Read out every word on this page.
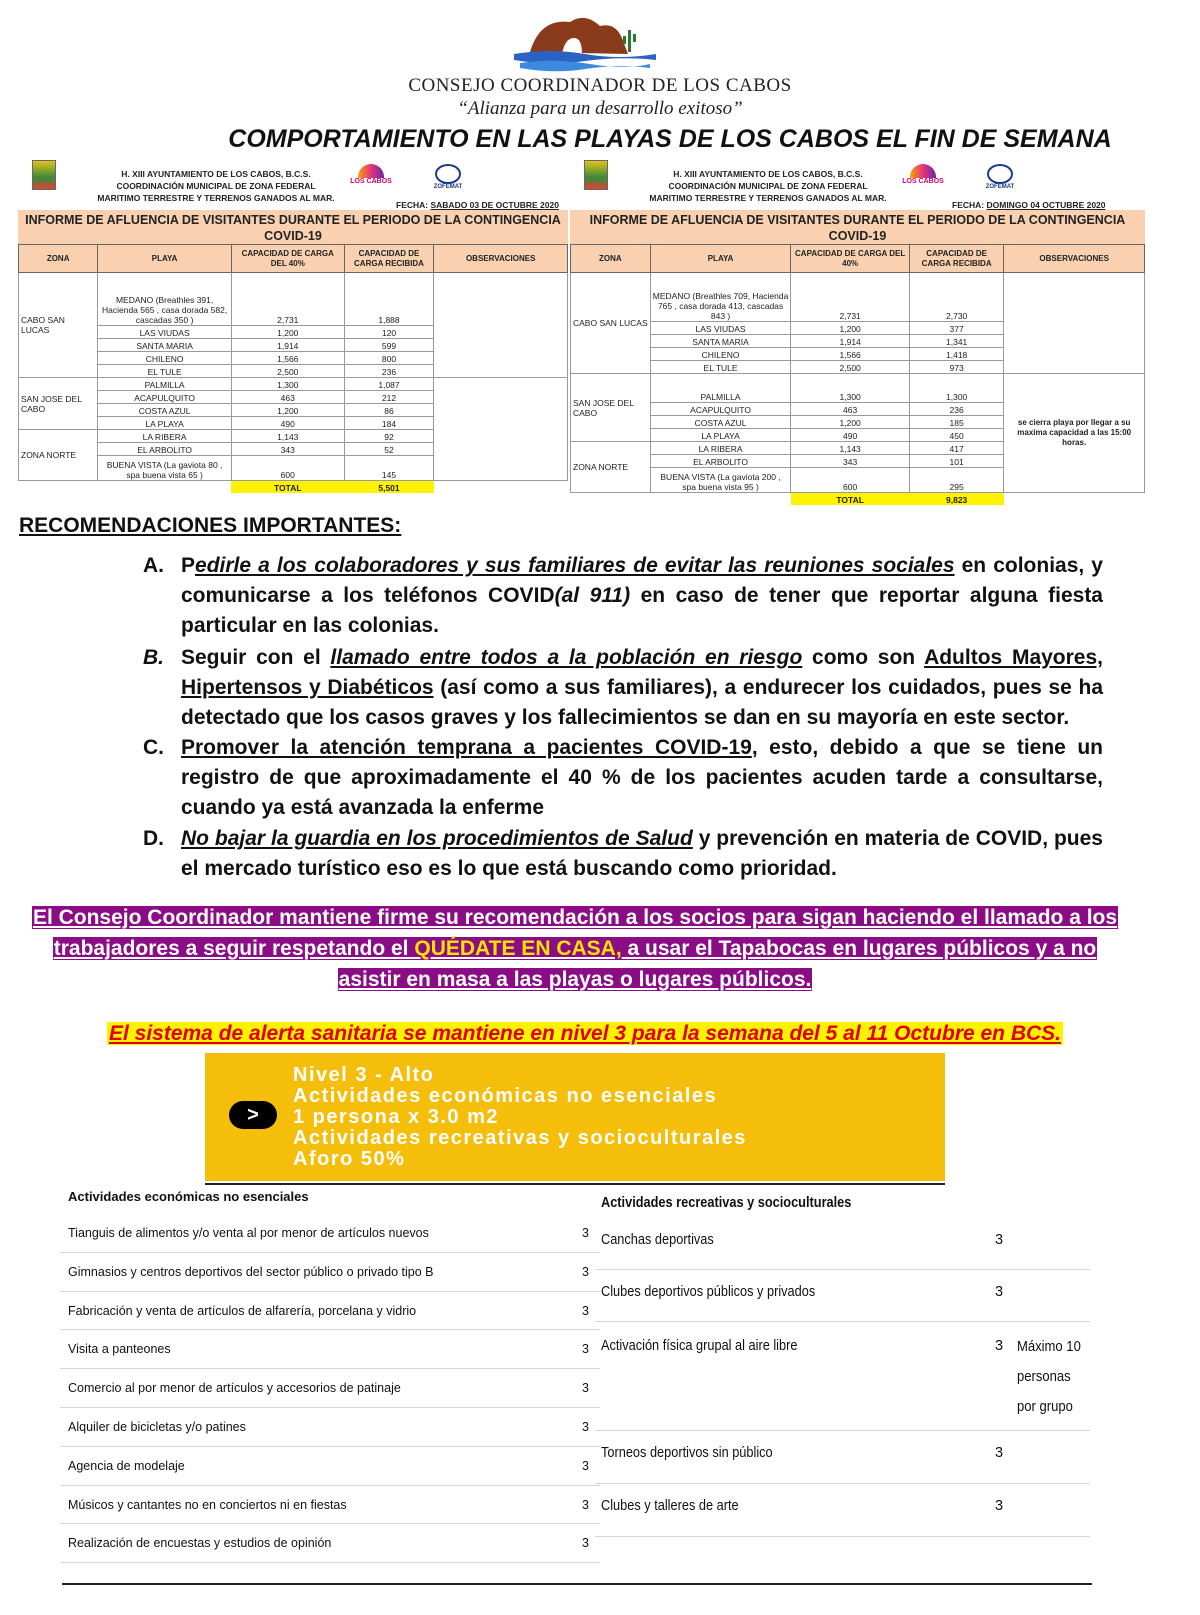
CONSEJO COORDINADOR DE LOS CABOS
“Alianza para un desarrollo exitoso”
COMPORTAMIENTO EN LAS PLAYAS DE LOS CABOS EL FIN DE SEMANA
H. XIII AYUNTAMIENTO DE LOS CABOS, B.C.S. COORDINACIÓN MUNICIPAL DE ZONA FEDERAL MARITIMO TERRESTRE Y TERRENOS GANADOS AL MAR.
LOS CABOS
ZOFEMAT
FECHA: SABADO 03 DE OCTUBRE 2020
INFORME DE AFLUENCIA DE VISITANTES DURANTE EL PERIODO DE LA CONTINGENCIA COVID-19
ZONA	PLAYA	CAPACIDAD DE CARGA DEL 40%	CAPACIDAD DE CARGA RECIBIDA	OBSERVACIONES
CABO SAN LUCAS	MEDANO (Breathles 391, Hacienda 565 , casa dorada 582, cascadas 350 )	2,731	1,888	
	LAS VIUDAS	1,200	120	
	SANTA MARIA	1,914	599	
	CHILENO	1,566	800	
	EL TULE	2,500	236	
SAN JOSE DEL CABO	PALMILLA	1,300	1,087	
	ACAPULQUITO	463	212	
	COSTA AZUL	1,200	86	
	LA PLAYA	490	184	
ZONA NORTE	LA RIBERA	1,143	92	
	EL ARBOLITO	343	52	
	BUENA VISTA (La gaviota 80 , spa buena vista 65 )	600	145	
		TOTAL	5,501	
H. XIII AYUNTAMIENTO DE LOS CABOS, B.C.S. COORDINACIÓN MUNICIPAL DE ZONA FEDERAL MARITIMO TERRESTRE Y TERRENOS GANADOS AL MAR.
LOS CABOS
ZOFEMAT
FECHA: DOMINGO 04 OCTUBRE 2020
INFORME DE AFLUENCIA DE VISITANTES DURANTE EL PERIODO DE LA CONTINGENCIA COVID-19
ZONA	PLAYA	CAPACIDAD DE CARGA DEL 40%	CAPACIDAD DE CARGA RECIBIDA	OBSERVACIONES
CABO SAN LUCAS	MEDANO (Breathles 709, Hacienda 765 , casa dorada 413, cascadas 843 )	2,731	2,730	
	LAS VIUDAS	1,200	377	
	SANTA MARIA	1,914	1,341	
	CHILENO	1,566	1,418	
	EL TULE	2,500	973	
SAN JOSE DEL CABO	PALMILLA	1,300	1,300	se cierra playa por llegar a su maxima capacidad a las 15:00 horas.
	ACAPULQUITO	463	236	
	COSTA AZUL	1,200	185	
	LA PLAYA	490	450	
ZONA NORTE	LA RIBERA	1,143	417	
	EL ARBOLITO	343	101	
	BUENA VISTA (La gaviota 200 , spa buena vista 95 )	600	295	
		TOTAL	9,823	
RECOMENDACIONES IMPORTANTES:
A. Pedirle a los colaboradores y sus familiares de evitar las reuniones sociales en colonias, y comunicarse a los teléfonos COVID(al 911) en caso de tener que reportar alguna fiesta particular en las colonias.
B. Seguir con el llamado entre todos a la población en riesgo como son Adultos Mayores, Hipertensos y Diabéticos (así como a sus familiares), a endurecer los cuidados, pues se ha detectado que los casos graves y los fallecimientos se dan en su mayoría en este sector.
C. Promover la atención temprana a pacientes COVID-19, esto, debido a que se tiene un registro de que aproximadamente el 40 % de los pacientes acuden tarde a consultarse, cuando ya está avanzada la enferme
D. No bajar la guardia en los procedimientos de Salud y prevención en materia de COVID, pues el mercado turístico eso es lo que está buscando como prioridad.
El Consejo Coordinador mantiene firme su recomendación a los socios para sigan haciendo el llamado a los trabajadores a seguir respetando el QUÉDATE EN CASA, a usar el Tapabocas en lugares públicos y a no asistir en masa a las playas o lugares públicos.
El sistema de alerta sanitaria se mantiene en nivel 3 para la semana del 5 al 11 Octubre en BCS.
>
Nivel 3 - Alto
Actividades económicas no esenciales
1 persona x 3.0 m2
Actividades recreativas y socioculturales
Aforo 50%
Actividades económicas no esenciales
Tianguis de alimentos y/o venta al por menor de artículos nuevos	3
Gimnasios y centros deportivos del sector público o privado tipo B	3
Fabricación y venta de artículos de alfarería, porcelana y vidrio	3
Visita a panteones	3
Comercio al por menor de artículos y accesorios de patinaje	3
Alquiler de bicicletas y/o patines	3
Agencia de modelaje	3
Músicos y cantantes no en conciertos ni en fiestas	3
Realización de encuestas y estudios de opinión	3
Actividades recreativas y socioculturales
Canchas deportivas	3
Clubes deportivos públicos y privados	3
Activación física grupal al aire libre	3 Máximo 10 personas por grupo
Torneos deportivos sin público	3
Clubes y talleres de arte	3
